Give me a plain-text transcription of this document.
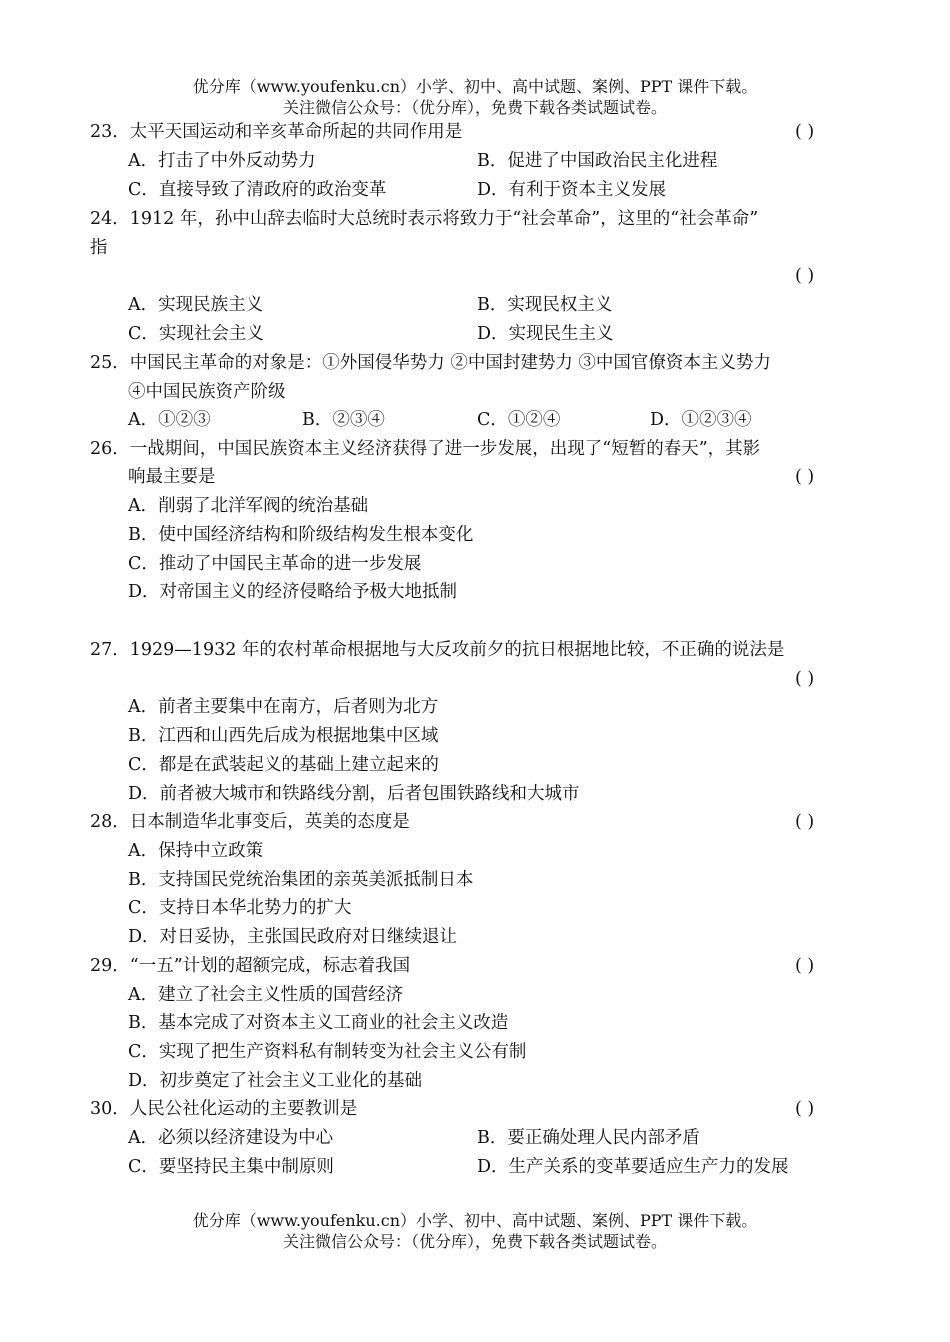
优分库（www.youfenku.cn）小学、初中、高中试题、案例、PPT 课件下载。
关注微信公众号：（优分库），免费下载各类试题试卷。
23．太平天国运动和辛亥革命所起的共同作用是	( )
A．打击了中外反动势力	B．促进了中国政治民主化进程
C．直接导致了清政府的政治变革	D．有利于资本主义发展
24．1912 年，孙中山辞去临时大总统时表示将致力于“社会革命”，这里的“社会革命”
指
( )
A．实现民族主义	B．实现民权主义
C．实现社会主义	D．实现民生主义
25．中国民主革命的对象是：①外国侵华势力 ②中国封建势力 ③中国官僚资本主义势力
④中国民族资产阶级
A．①②③	B．②③④	C．①②④	D．①②③④
26．一战期间，中国民族资本主义经济获得了进一步发展，出现了“短暂的春天”，其影
响最主要是	( )
A．削弱了北洋军阀的统治基础
B．使中国经济结构和阶级结构发生根本变化
C．推动了中国民主革命的进一步发展
D．对帝国主义的经济侵略给予极大地抵制
27．1929—1932 年的农村革命根据地与大反攻前夕的抗日根据地比较，不正确的说法是
( )
A．前者主要集中在南方，后者则为北方
B．江西和山西先后成为根据地集中区域
C．都是在武装起义的基础上建立起来的
D．前者被大城市和铁路线分割，后者包围铁路线和大城市
28．日本制造华北事变后，英美的态度是	( )
A．保持中立政策
B．支持国民党统治集团的亲英美派抵制日本
C．支持日本华北势力的扩大
D．对日妥协，主张国民政府对日继续退让
29．“一五”计划的超额完成，标志着我国	( )
A．建立了社会主义性质的国营经济
B．基本完成了对资本主义工商业的社会主义改造
C．实现了把生产资料私有制转变为社会主义公有制
D．初步奠定了社会主义工业化的基础
30．人民公社化运动的主要教训是	( )
A．必须以经济建设为中心	B．要正确处理人民内部矛盾
C．要坚持民主集中制原则	D．生产关系的变革要适应生产力的发展
优分库（www.youfenku.cn）小学、初中、高中试题、案例、PPT 课件下载。
关注微信公众号：（优分库），免费下载各类试题试卷。
